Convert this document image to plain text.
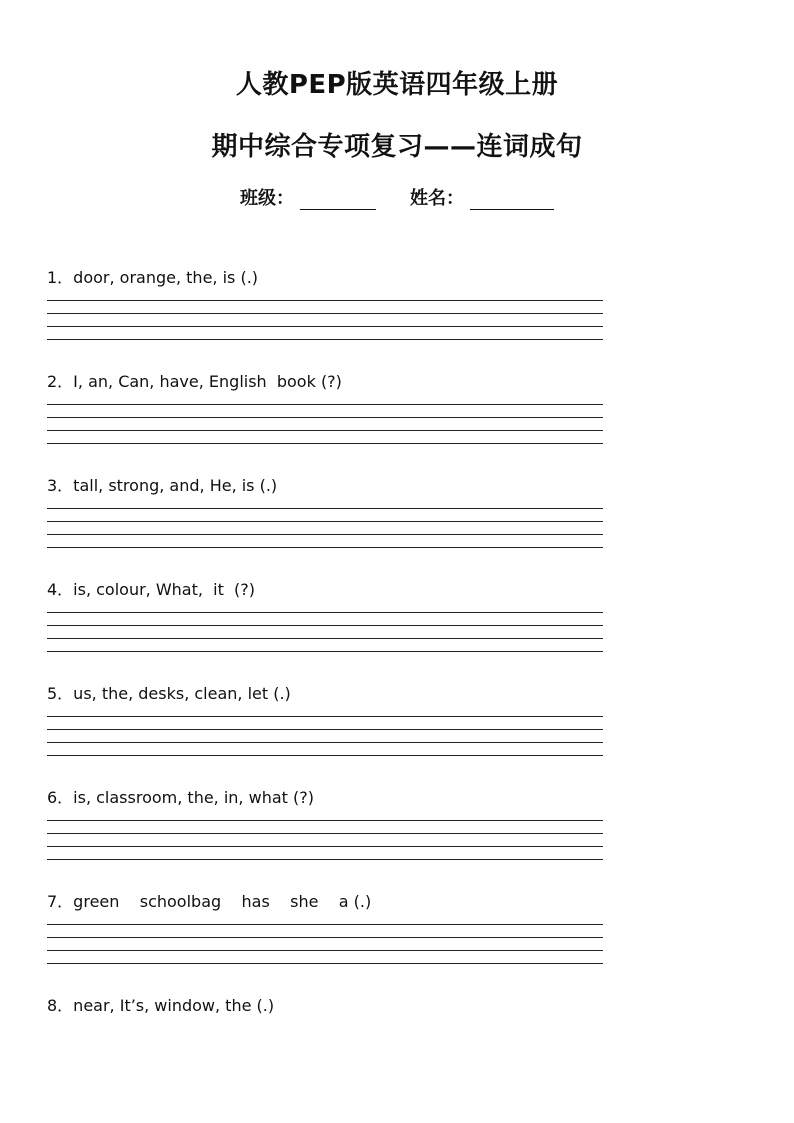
人教PEP版英语四年级上册
期中综合专项复习——连词成句
班级：	姓名：
1．door, orange, the, is (.)
2．I, an, Can, have, English  book (?)
3．tall, strong, and, He, is (.)
4．is, colour, What,  it  (?)
5．us, the, desks, clean, let (.)
6．is, classroom, the, in, what (?)
7．green    schoolbag    has    she    a (.)
8．near, It’s, window, the (.)
